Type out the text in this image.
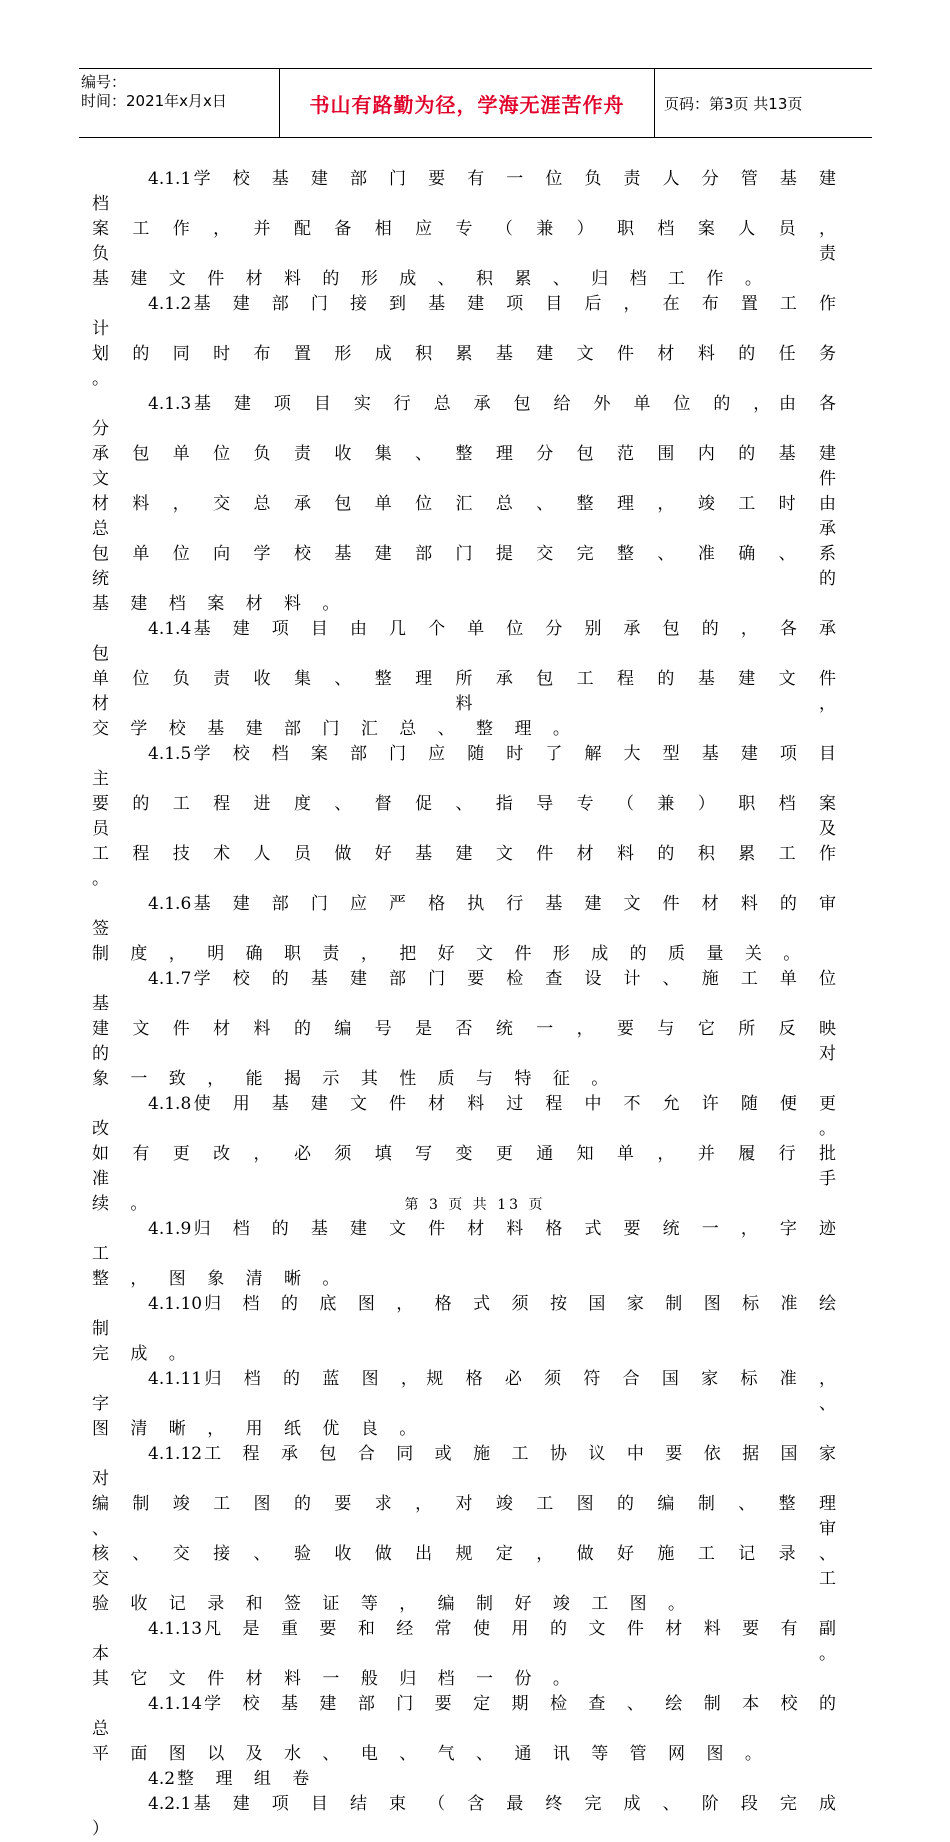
编号：
时间：2021年x月x日	书山有路勤为径，学海无涯苦作舟	页码：第3页 共13页
4.1.1 学 校 基 建 部 门 要 有 一 位 负 责 人 分 管 基 建 档
案 工 作 ， 并 配 备 相 应 专 （ 兼 ） 职 档 案 人 员 ， 负 责
基 建 文 件 材 料 的 形 成 、 积 累 、 归 档 工 作 。
4.1.2 基 建 部 门 接 到 基 建 项 目 后 ， 在 布 置 工 作 计
划 的 同 时 布 置 形 成 积 累 基 建 文 件 材 料 的 任 务 。
4.1.3 基 建 项 目 实 行 总 承 包 给 外 单 位 的 ，由 各 分
承 包 单 位 负 责 收 集 、 整 理 分 包 范 围 内 的 基 建 文 件
材 料 ， 交 总 承 包 单 位 汇 总 、 整 理 ， 竣 工 时 由 总 承
包 单 位 向 学 校 基 建 部 门 提 交 完 整 、 准 确 、 系 统 的
基 建 档 案 材 料 。
4.1.4 基 建 项 目 由 几 个 单 位 分 别 承 包 的 ， 各 承 包
单 位 负 责 收 集 、 整 理 所 承 包 工 程 的 基 建 文 件 材 料 ，
交 学 校 基 建 部 门 汇 总 、 整 理 。
4.1.5 学 校 档 案 部 门 应 随 时 了 解 大 型 基 建 项 目 主
要 的 工 程 进 度 、 督 促 、 指 导 专 （ 兼 ） 职 档 案 员 及
工 程 技 术 人 员 做 好 基 建 文 件 材 料 的 积 累 工 作 。
4.1.6 基 建 部 门 应 严 格 执 行 基 建 文 件 材 料 的 审 签
制 度 ， 明 确 职 责 ， 把 好 文 件 形 成 的 质 量 关 。
4.1.7 学 校 的 基 建 部 门 要 检 查 设 计 、 施 工 单 位 基
建 文 件 材 料 的 编 号 是 否 统 一 ， 要 与 它 所 反 映 的 对
象 一 致 ， 能 揭 示 其 性 质 与 特 征 。
4.1.8 使 用 基 建 文 件 材 料 过 程 中 不 允 许 随 便 更 改 。
如 有 更 改 ， 必 须 填 写 变 更 通 知 单 ， 并 履 行 批 准 手
续 。
4.1.9 归 档 的 基 建 文 件 材 料 格 式 要 统 一 ， 字 迹 工
整 ， 图 象 清 晰 。
4.1.10 归 档 的 底 图 ， 格 式 须 按 国 家 制 图 标 准 绘 制
完 成 。
4.1.11 归 档 的 蓝 图 ，规 格 必 须 符 合 国 家 标 准 ， 字 、
图 清 晰 ， 用 纸 优 良 。
4.1.12 工 程 承 包 合 同 或 施 工 协 议 中 要 依 据 国 家 对
编 制 竣 工 图 的 要 求 ， 对 竣 工 图 的 编 制 、 整 理 、 审
核 、 交 接 、 验 收 做 出 规 定 ， 做 好 施 工 记 录 、 交 工
验 收 记 录 和 签 证 等 ， 编 制 好 竣 工 图 。
4.1.13 凡 是 重 要 和 经 常 使 用 的 文 件 材 料 要 有 副 本 。
其 它 文 件 材 料 一 般 归 档 一 份 。
4.1.14 学 校 基 建 部 门 要 定 期 检 查 、 绘 制 本 校 的 总
平 面 图 以 及 水 、 电 、 气 、 通 讯 等 管 网 图 。
4.2 整 理 组 卷
4.2.1 基 建 项 目 结 束 （ 含 最 终 完 成 、 阶 段 完 成 ）
第 3 页 共 13 页
